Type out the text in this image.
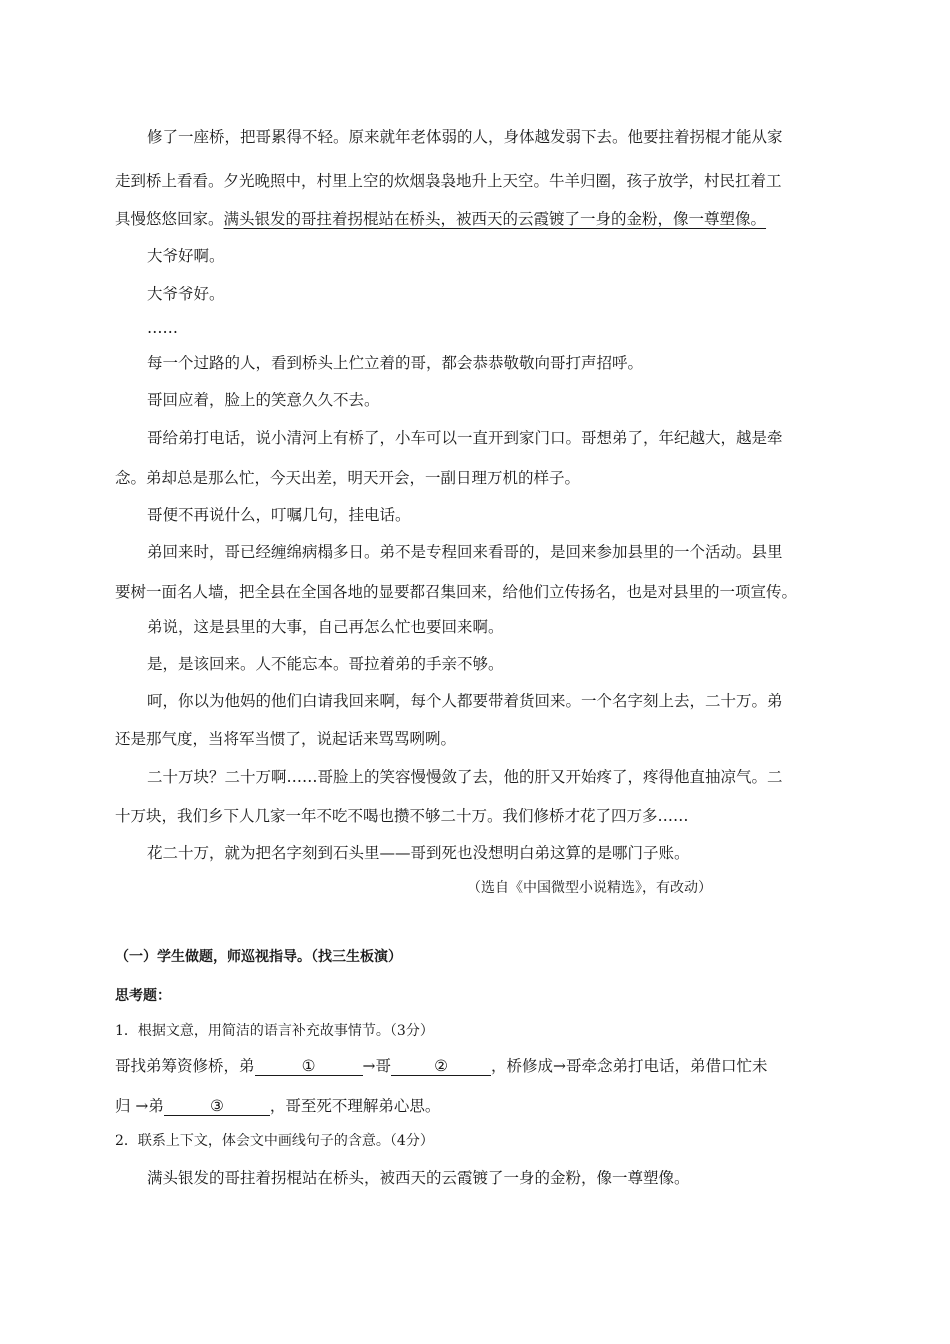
修了一座桥，把哥累得不轻。原来就年老体弱的人，身体越发弱下去。他要拄着拐棍才能从家
走到桥上看看。夕光晚照中，村里上空的炊烟袅袅地升上天空。牛羊归圈，孩子放学，村民扛着工
具慢悠悠回家。满头银发的哥拄着拐棍站在桥头，被西天的云霞镀了一身的金粉，像一尊塑像。
大爷好啊。
大爷爷好。
……
每一个过路的人，看到桥头上伫立着的哥，都会恭恭敬敬向哥打声招呼。
哥回应着，脸上的笑意久久不去。
哥给弟打电话，说小清河上有桥了，小车可以一直开到家门口。哥想弟了，年纪越大，越是牵
念。弟却总是那么忙，今天出差，明天开会，一副日理万机的样子。
哥便不再说什么，叮嘱几句，挂电话。
弟回来时，哥已经缠绵病榻多日。弟不是专程回来看哥的，是回来参加县里的一个活动。县里
要树一面名人墙，把全县在全国各地的显要都召集回来，给他们立传扬名，也是对县里的一项宣传。
弟说，这是县里的大事，自己再怎么忙也要回来啊。
是，是该回来。人不能忘本。哥拉着弟的手亲不够。
呵，你以为他妈的他们白请我回来啊，每个人都要带着货回来。一个名字刻上去，二十万。弟
还是那气度，当将军当惯了，说起话来骂骂咧咧。
二十万块？二十万啊……哥脸上的笑容慢慢敛了去，他的肝又开始疼了，疼得他直抽凉气。二
十万块，我们乡下人几家一年不吃不喝也攒不够二十万。我们修桥才花了四万多……
花二十万，就为把名字刻到石头里——哥到死也没想明白弟这算的是哪门子账。
（选自《中国微型小说精选》，有改动）
（一）学生做题，师巡视指导。（找三生板演）
思考题：
1．根据文意，用简洁的语言补充故事情节。（3分）
哥找弟筹资修桥，弟	①	→哥	②	，桥修成→哥牵念弟打电话，弟借口忙未
归 →弟	③	，哥至死不理解弟心思。
2．联系上下文，体会文中画线句子的含意。（4分）
满头银发的哥拄着拐棍站在桥头，被西天的云霞镀了一身的金粉，像一尊塑像。
